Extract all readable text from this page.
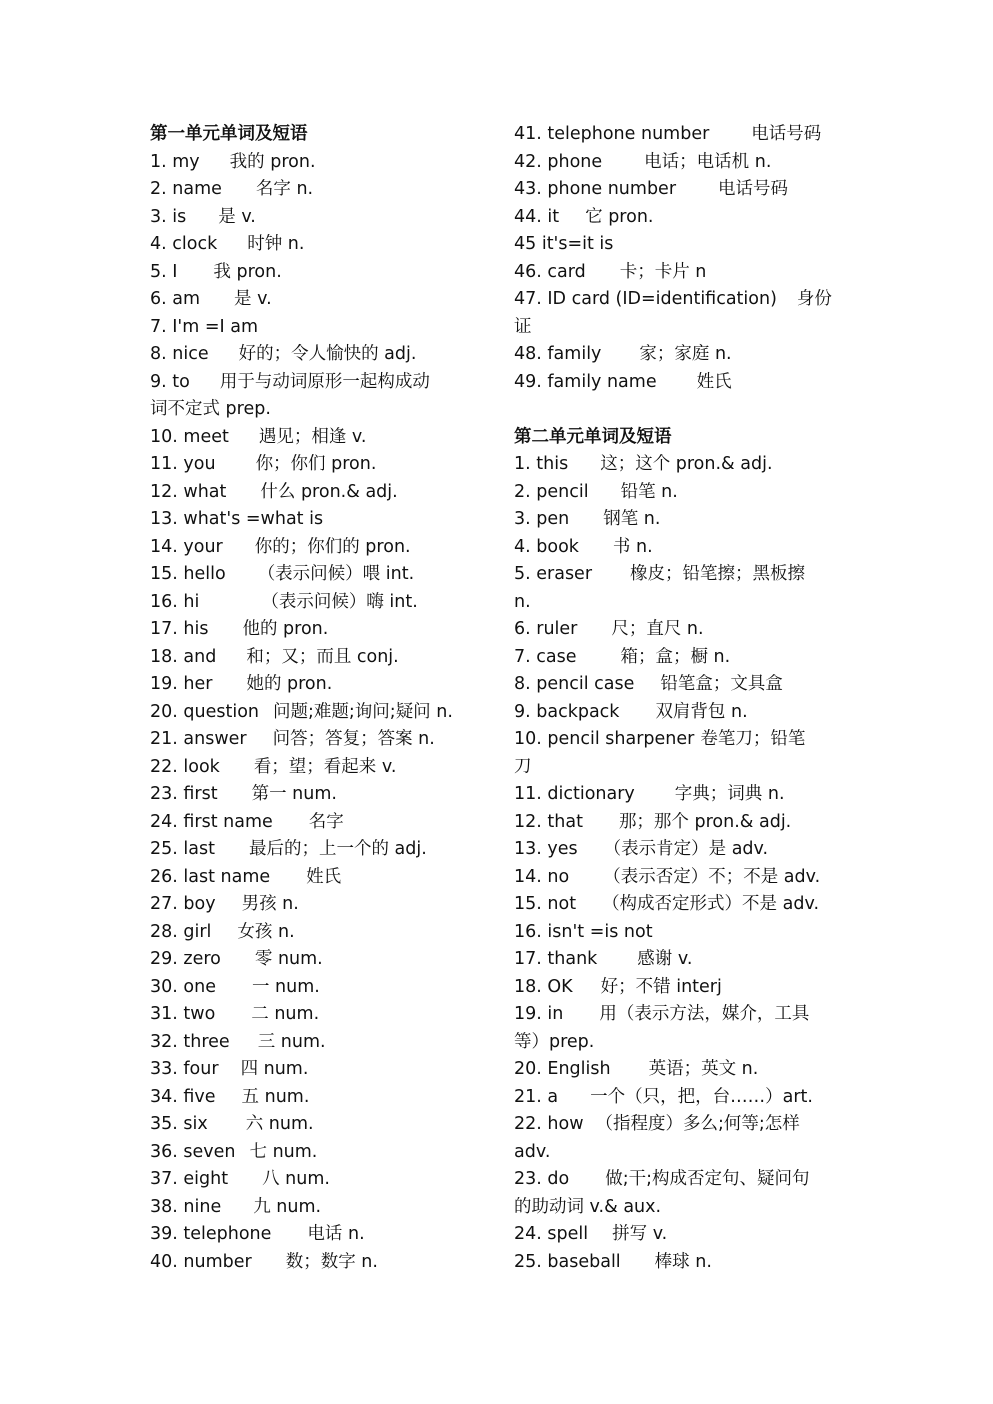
第一单元单词及短语
1. my 我的 pron.
2. name 名字 n.
3. is 是 v.
4. clock 时钟 n.
5. I 我 pron.
6. am 是 v.
7. I'm =I am
8. nice 好的；令人愉快的 adj.
9. to 用于与动词原形一起构成动
词不定式 prep.
10. meet 遇见；相逢 v.
11. you 你；你们 pron.
12. what 什么 pron.& adj.
13. what's =what is
14. your 你的；你们的 pron.
15. hello （表示问候）喂 int.
16. hi	（表示问候）嗨 int.
17. his 他的 pron.
18. and 和；又；而且 conj.
19. her 她的 pron.
20. question 问题;难题;询问;疑问 n.
21. answer 问答；答复；答案 n.
22. look 看；望；看起来 v.
23. first 第一 num.
24. first name 名字
25. last 最后的；上一个的 adj.
26. last name 姓氏
27. boy 男孩 n.
28. girl 女孩 n.
29. zero 零 num.
30. one 一 num.
31. two 二 num.
32. three 三 num.
33. four 四 num.
34. five 五 num.
35. six 六 num.
36. seven 七 num.
37. eight 八 num.
38. nine 九 num.
39. telephone 电话 n.
40. number 数；数字 n.
41. telephone number 电话号码
42. phone 电话；电话机 n.
43. phone number 电话号码
44. it 它 pron.
45 it's=it is
46. card 卡；卡片 n
47. ID card (ID=identification) 身份
证
48. family 家；家庭 n.
49. family name 姓氏
第二单元单词及短语
1. this 这；这个 pron.& adj.
2. pencil 铅笔 n.
3. pen 钢笔 n.
4. book 书 n.
5. eraser 橡皮；铅笔擦；黑板擦
n.
6. ruler 尺；直尺 n.
7. case	箱；盒；橱 n.
8. pencil case 铅笔盒；文具盒
9. backpack 双肩背包 n.
10. pencil sharpener 卷笔刀；铅笔
刀
11. dictionary 字典；词典 n.
12. that 那；那个 pron.& adj.
13. yes （表示肯定）是 adv.
14. no （表示否定）不；不是 adv.
15. not （构成否定形式）不是 adv.
16. isn't =is not
17. thank 感谢 v.
18. OK 好；不错 interj
19. in 用（表示方法，媒介，工具
等）prep.
20. English 英语；英文 n.
21. a 一个（只，把，台……）art.
22. how （指程度）多么;何等;怎样
adv.
23. do 做;干;构成否定句、疑问句
的助动词 v.& aux.
24. spell 拼写 v.
25. baseball 棒球 n.
